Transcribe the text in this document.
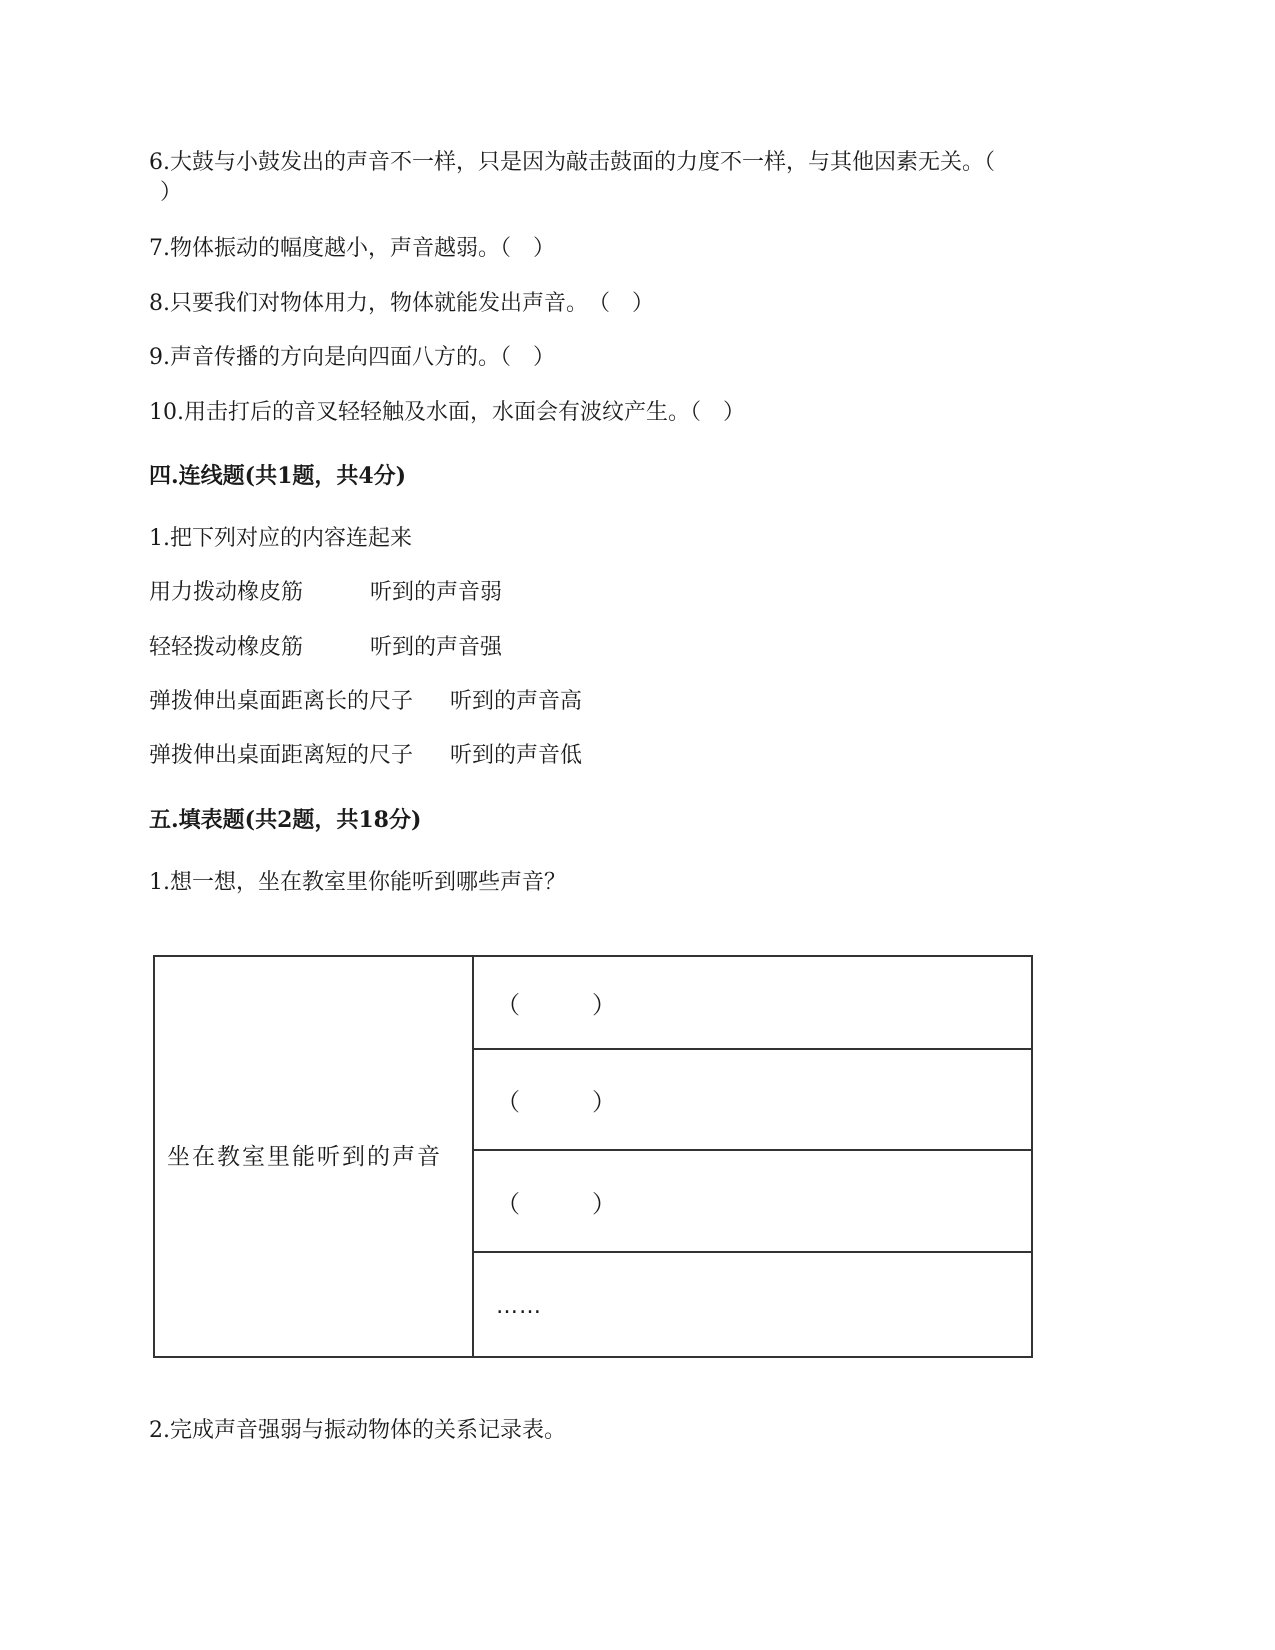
6.大鼓与小鼓发出的声音不一样，只是因为敲击鼓面的力度不一样，与其他因素无关。（
）
7.物体振动的幅度越小，声音越弱。（　）
8.只要我们对物体用力，物体就能发出声音。　（　）
9.声音传播的方向是向四面八方的。（　）
10.用击打后的音叉轻轻触及水面，水面会有波纹产生。（　）
四.连线题(共1题，共4分)
1.把下列对应的内容连起来
用力拨动橡皮筋	听到的声音弱
轻轻拨动橡皮筋	听到的声音强
弹拨伸出桌面距离长的尺子 听到的声音高
弹拨伸出桌面距离短的尺子 听到的声音低
五.填表题(共2题，共18分)
1.想一想，坐在教室里你能听到哪些声音？
坐在教室里能听到的声音	（　　　）
（　　　）
（　　　）
……
2.完成声音强弱与振动物体的关系记录表。
